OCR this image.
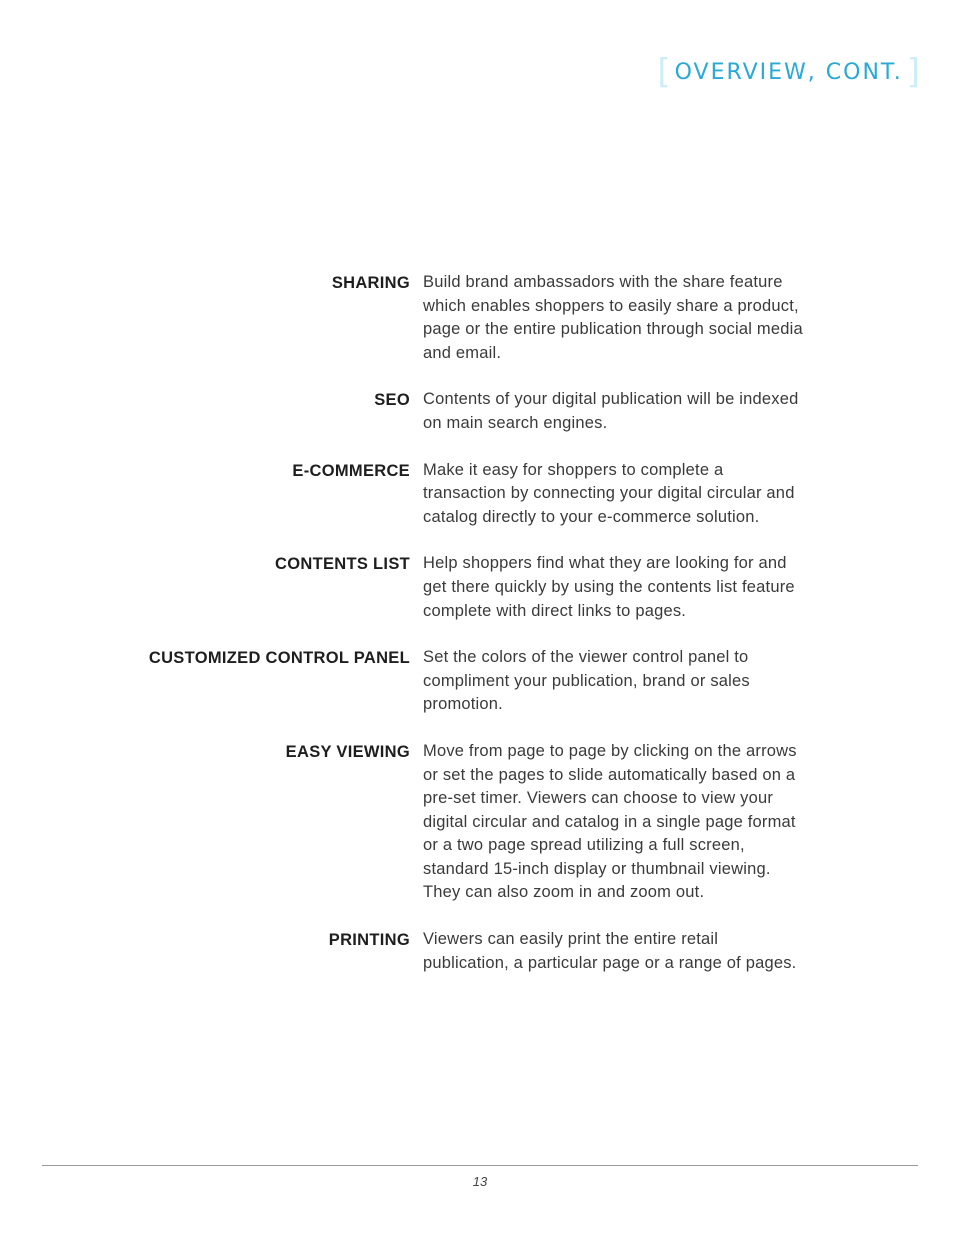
[ OVERVIEW, CONT. ]
SHARING Build brand ambassadors with the share feature which enables shoppers to easily share a product, page or the entire publication through social media and email.
SEO Contents of your digital publication will be indexed on main search engines.
E-COMMERCE Make it easy for shoppers to complete a transaction by connecting your digital circular and catalog directly to your e-commerce solution.
CONTENTS LIST Help shoppers find what they are looking for and get there quickly by using the contents list feature complete with direct links to pages.
CUSTOMIZED CONTROL PANEL Set the colors of the viewer control panel to compliment your publication, brand or sales promotion.
EASY VIEWING Move from page to page by clicking on the arrows or set the pages to slide automatically based on a pre-set timer. Viewers can choose to view your digital circular and catalog in a single page format or a two page spread utilizing a full screen, standard 15-inch display or thumbnail viewing. They can also zoom in and zoom out.
PRINTING Viewers can easily print the entire retail publication, a particular page or a range of pages.
13
